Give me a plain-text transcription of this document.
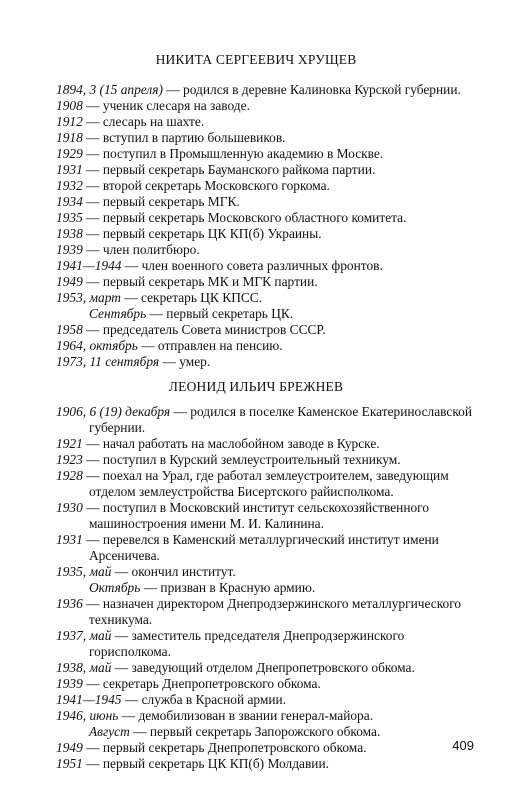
НИКИТА СЕРГЕЕВИЧ ХРУЩЕВ

1894, 3 (15 апреля) — родился в деревне Калиновка Курской губернии.

1908 — ученик слесаря на заводе.

1912 — слесарь на шахте.

1918 — вступил в партию большевиков.

1929 — поступил в Промышленную академию в Москве.

1931 — первый секретарь Бауманского райкома партии.

1932 — второй секретарь Московского горкома.

1934 — первый секретарь МГК.

1935 — первый секретарь Московского областного комитета.

1938 — первый секретарь ЦК КП(б) Украины.

1939 — член политбюро.

1941—1944 — член военного совета различных фронтов.

1949 — первый секретарь МК и МГК партии.

1953, март — секретарь ЦК КПСС.

Сентябрь — первый секретарь ЦК.

1958 — председатель Совета министров СССР.

1964, октябрь — отправлен на пенсию.

1973, 11 сентября — умер.

ЛЕОНИД ИЛЬИЧ БРЕЖНЕВ

1906, 6 (19) декабря — родился в поселке Каменское Екатеринославской губернии.

1921 — начал работать на маслобойном заводе в Курске.

1923 — поступил в Курский землеустроительный техникум.

1928 — поехал на Урал, где работал землеустроителем, заведующим отделом землеустройства Бисертского райисполкома.

1930 — поступил в Московский институт сельскохозяйственного машиностроения имени М. И. Калинина.

1931 — перевелся в Каменский металлургический институт имени Арсеничева.

1935, май — окончил институт.

Октябрь — призван в Красную армию.

1936 — назначен директором Днепродзержинского металлургического техникума.

1937, май — заместитель председателя Днепродзержинского горисполкома.

1938, май — заведующий отделом Днепропетровского обкома.

1939 — секретарь Днепропетровского обкома.

1941—1945 — служба в Красной армии.

1946, июнь — демобилизован в звании генерал-майора.

Август — первый секретарь Запорожского обкома.

1949 — первый секретарь Днепропетровского обкома.

1951 — первый секретарь ЦК КП(б) Молдавии.

409
